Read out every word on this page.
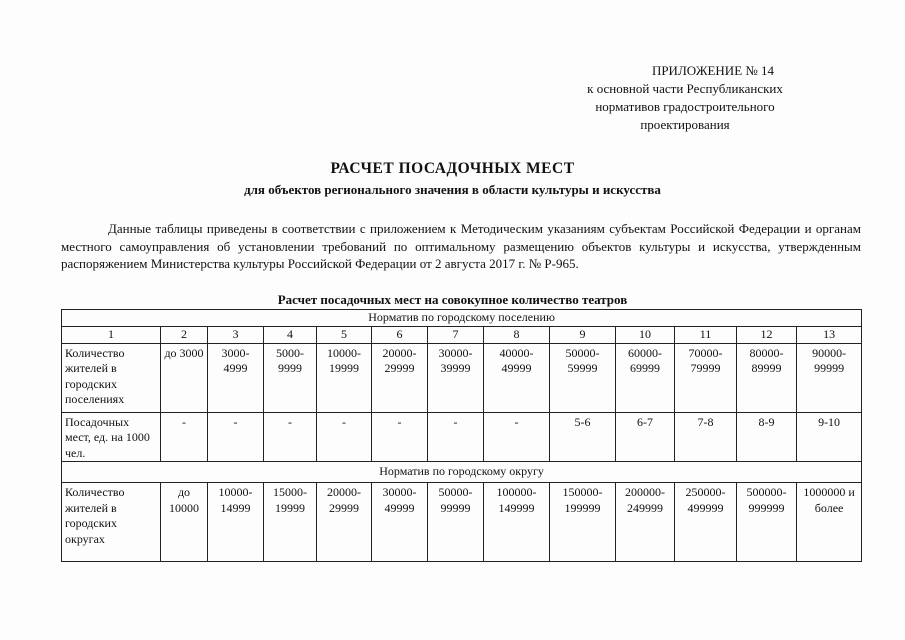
ПРИЛОЖЕНИЕ № 14
к основной части Республиканских
нормативов градостроительного
проектирования
РАСЧЕТ ПОСАДОЧНЫХ МЕСТ
для объектов регионального значения в области культуры и искусства
Данные таблицы приведены в соответствии с приложением к Методическим указаниям субъектам Российской Федерации и органам местного самоуправления об установлении требований по оптимальному размещению объектов культуры и искусства, утвержденным распоряжением Министерства культуры Российской Федерации от 2 августа 2017 г. № Р-965.
Расчет посадочных мест на совокупное количество театров
Норматив по городскому поселению												
1	2	3	4	5	6	7	8	9	10	11	12	13
Количество жителей в городских поселениях	до 3000	3000-4999	5000-9999	10000-19999	20000-29999	30000-39999	40000-49999	50000-59999	60000-69999	70000-79999	80000-89999	90000-99999
Посадочных мест, ед. на 1000 чел.	-	-	-	-	-	-	-	5-6	6-7	7-8	8-9	9-10
Норматив по городскому округу												
Количество жителей в городских округах	до 10000	10000-14999	15000-19999	20000-29999	30000-49999	50000-99999	100000-149999	150000-199999	200000-249999	250000-499999	500000-999999	1000000 и более
